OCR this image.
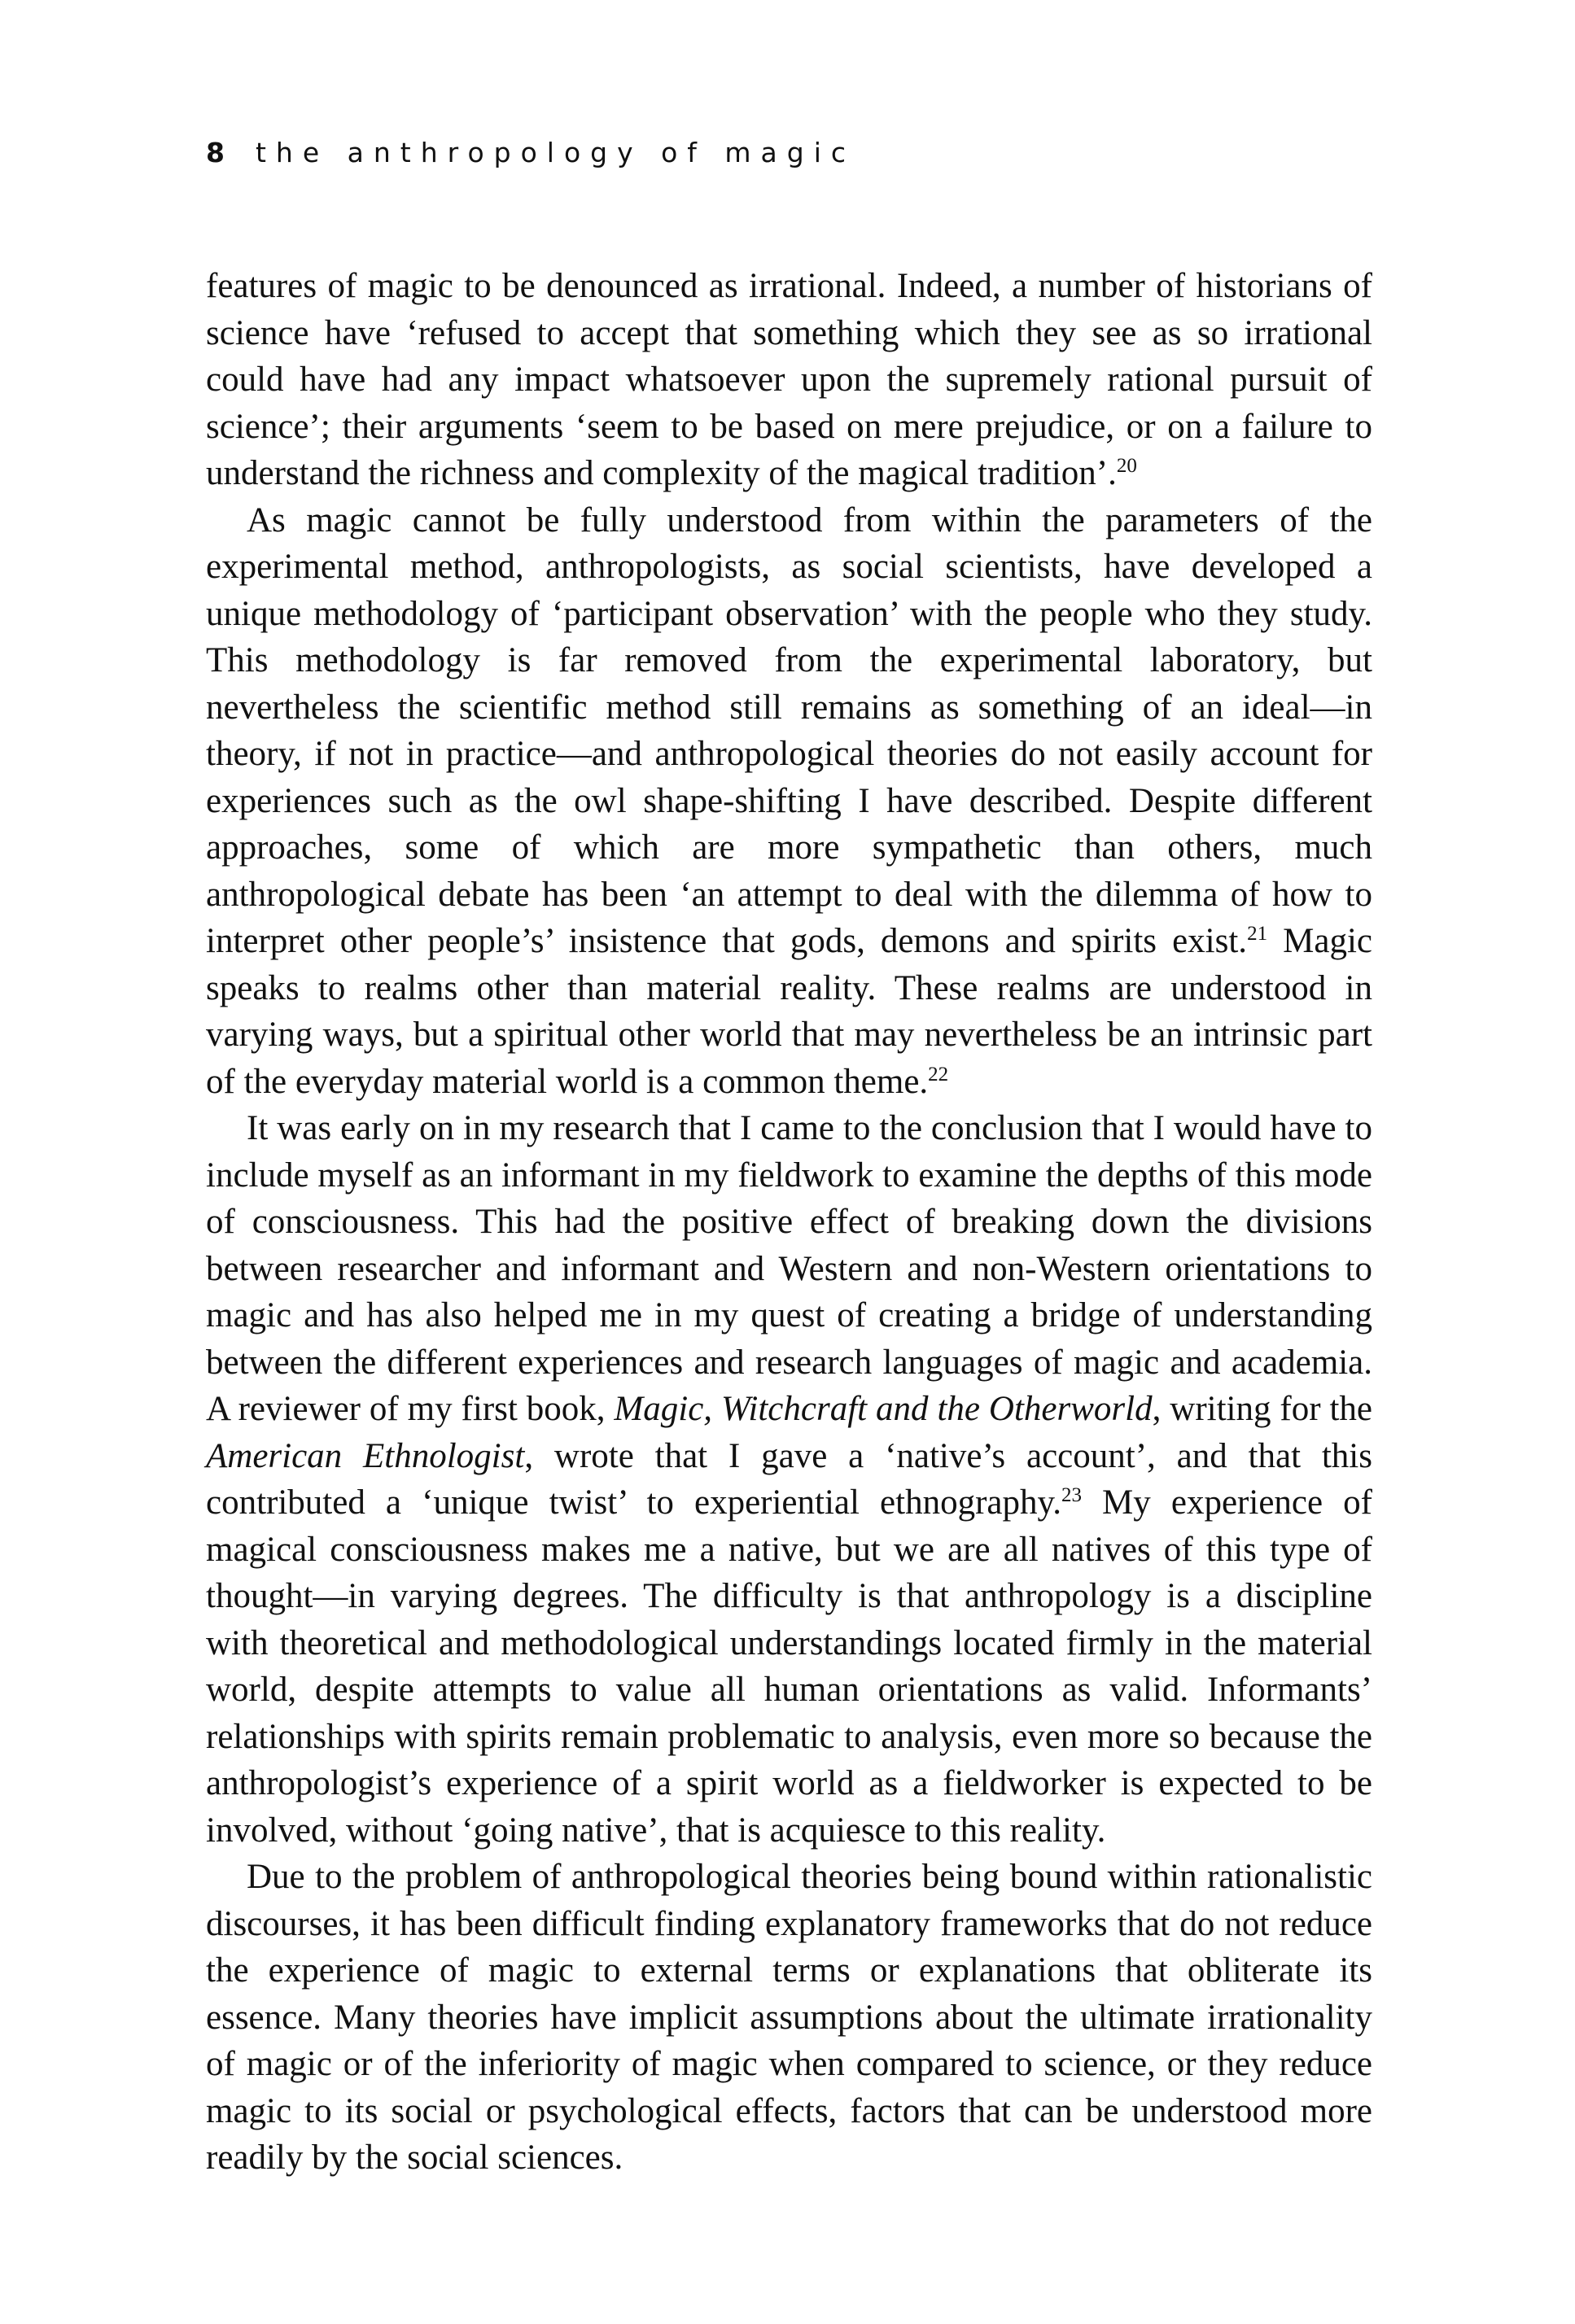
8 the anthropology of magic

features of magic to be denounced as irrational. Indeed, a number of historians of science have ‘refused to accept that something which they see as so irrational could have had any impact whatsoever upon the supremely rational pursuit of science’; their arguments ‘seem to be based on mere prejudice, or on a failure to understand the richness and complexity of the magical tradition’.$^{20}$

As magic cannot be fully understood from within the parameters of the experimental method, anthropologists, as social scientists, have developed a unique methodology of ‘participant observation’ with the people who they study. This methodology is far removed from the experimental laboratory, but nevertheless the scientific method still remains as something of an ideal—in theory, if not in practice—and anthropological theories do not easily account for experiences such as the owl shape-shifting I have described. Despite different approaches, some of which are more sympathetic than others, much anthropological debate has been ‘an attempt to deal with the dilemma of how to interpret other people’s’ insistence that gods, demons and spirits exist.$^{21}$ Magic speaks to realms other than material reality. These realms are understood in varying ways, but a spiritual other world that may nevertheless be an intrinsic part of the everyday material world is a common theme.$^{22}$

It was early on in my research that I came to the conclusion that I would have to include myself as an informant in my fieldwork to examine the depths of this mode of consciousness. This had the positive effect of breaking down the divisions between researcher and informant and Western and non-Western orientations to magic and has also helped me in my quest of creating a bridge of understanding between the different experiences and research languages of magic and academia. A reviewer of my first book, Magic, Witchcraft and the Otherworld, writing for the American Ethnologist, wrote that I gave a ‘native’s account’, and that this contributed a ‘unique twist’ to experiential ethnography.$^{23}$ My experience of magical consciousness makes me a native, but we are all natives of this type of thought—in varying degrees. The difficulty is that anthropology is a discipline with theoretical and methodological understandings located firmly in the material world, despite attempts to value all human orientations as valid. Informants’ relationships with spirits remain problematic to analysis, even more so because the anthropologist’s experience of a spirit world as a fieldworker is expected to be involved, without ‘going native’, that is acquiesce to this reality.

Due to the problem of anthropological theories being bound within rationalistic discourses, it has been difficult finding explanatory frameworks that do not reduce the experience of magic to external terms or explanations that obliterate its essence. Many theories have implicit assumptions about the ultimate irrationality of magic or of the inferiority of magic when compared to science, or they reduce magic to its social or psychological effects, factors that can be understood more readily by the social sciences.
